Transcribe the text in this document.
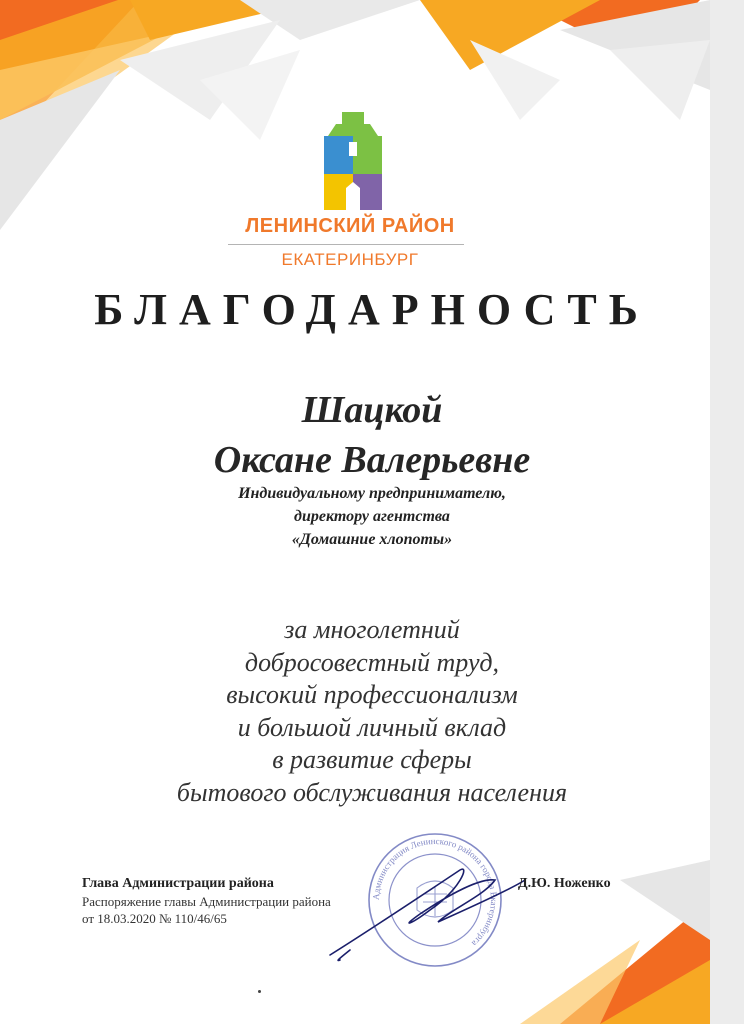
ЛЕНИНСКИЙ РАЙОН
ЕКАТЕРИНБУРГ
БЛАГОДАРНОСТЬ
Шацкой
Оксане Валерьевне
Индивидуальному предпринимателю,
директору агентства
«Домашние хлопоты»
за многолетний
добросовестный труд,
высокий профессионализм
и большой личный вклад
в развитие сферы
бытового обслуживания населения
Администрация Ленинского района города Екатеринбурга
Глава Администрации района
Распоряжение главы Администрации района
от 18.03.2020 № 110/46/65
Д.Ю. Ноженко
